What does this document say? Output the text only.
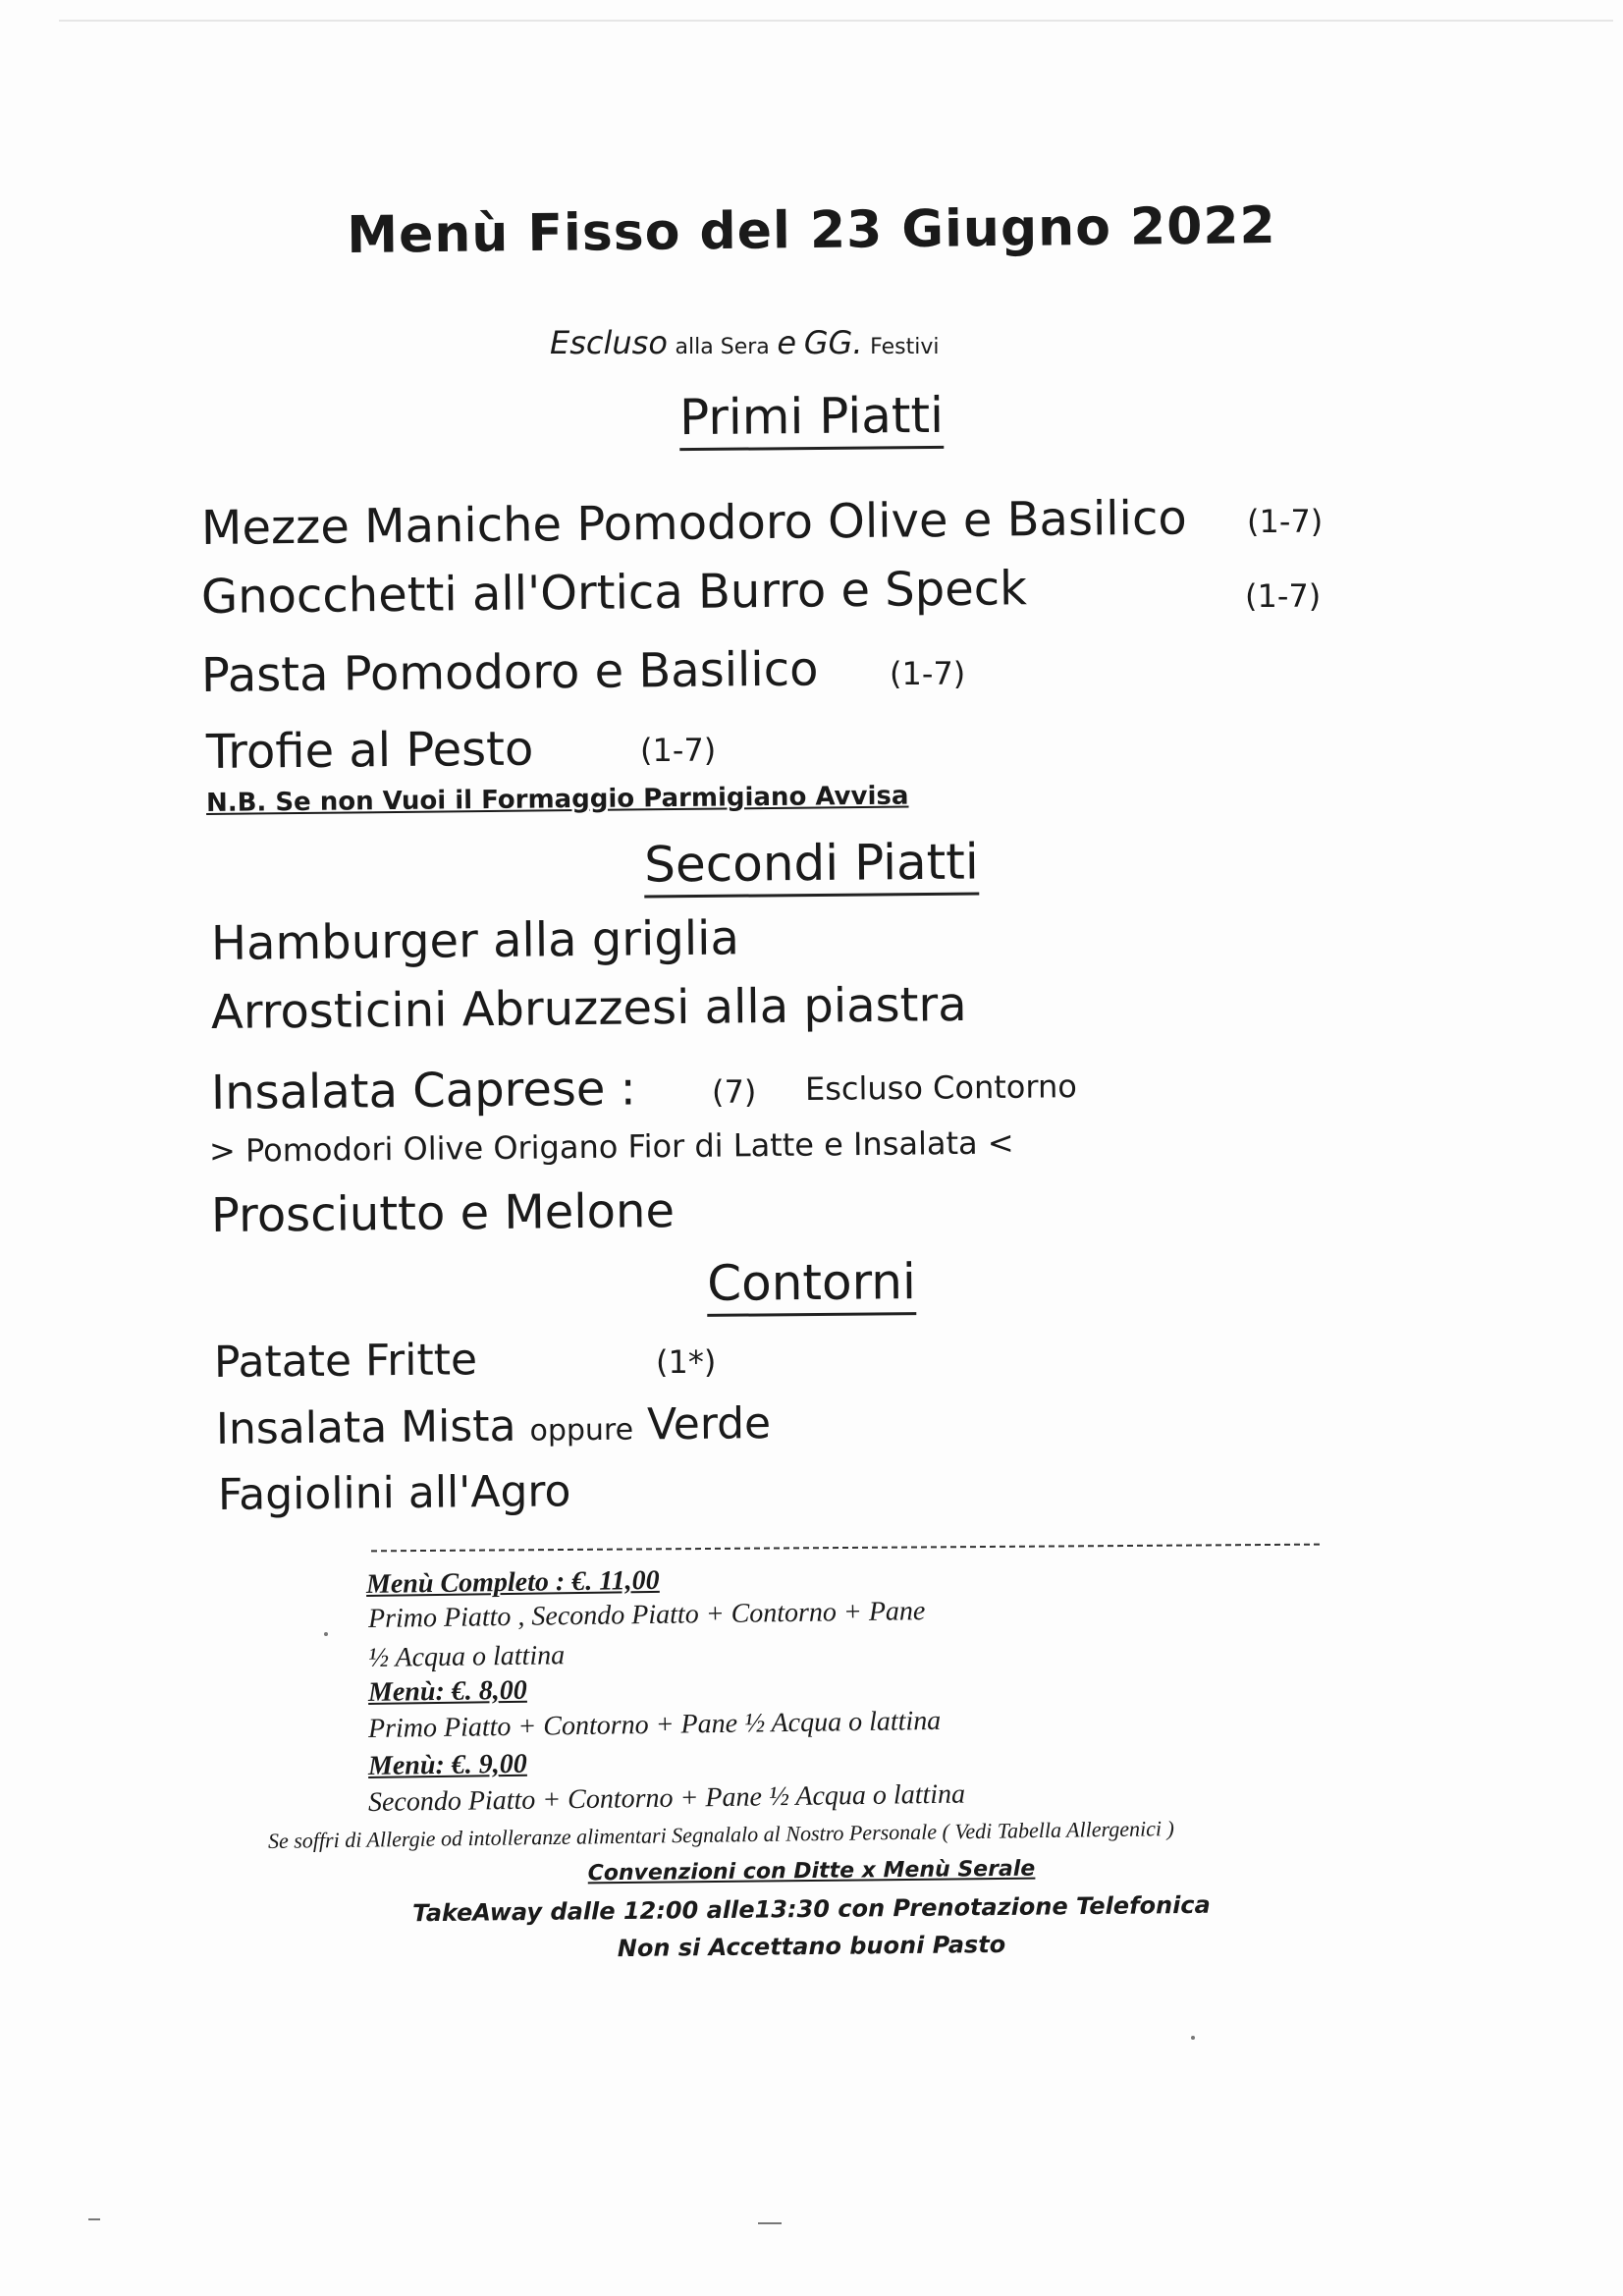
Menù Fisso del 23 Giugno 2022
Escluso alla Sera e GG. Festivi
Primi Piatti
Mezze Maniche Pomodoro Olive e Basilico (1-7)
Gnocchetti all'Ortica Burro e Speck	(1-7)
Pasta Pomodoro e Basilico (1-7)
Trofie al Pesto	(1-7)
N.B. Se non Vuoi il Formaggio Parmigiano Avvisa
Secondi Piatti
Hamburger alla griglia
Arrosticini Abruzzesi alla piastra
Insalata Caprese : (7) Escluso Contorno
> Pomodori Olive Origano Fior di Latte e Insalata <
Prosciutto e Melone
Contorni
Patate Fritte	(1*)
Insalata Mista oppure Verde
Fagiolini all'Agro
Menù Completo : €. 11,00
Primo Piatto , Secondo Piatto + Contorno + Pane
½ Acqua o lattina
Menù: €. 8,00
Primo Piatto + Contorno + Pane ½ Acqua o lattina
Menù: €. 9,00
Secondo Piatto + Contorno + Pane ½ Acqua o lattina
Se soffri di Allergie od intolleranze alimentari Segnalalo al Nostro Personale ( Vedi Tabella Allergenici )
Convenzioni con Ditte x Menù Serale
TakeAway dalle 12:00 alle13:30 con Prenotazione Telefonica
Non si Accettano buoni Pasto
